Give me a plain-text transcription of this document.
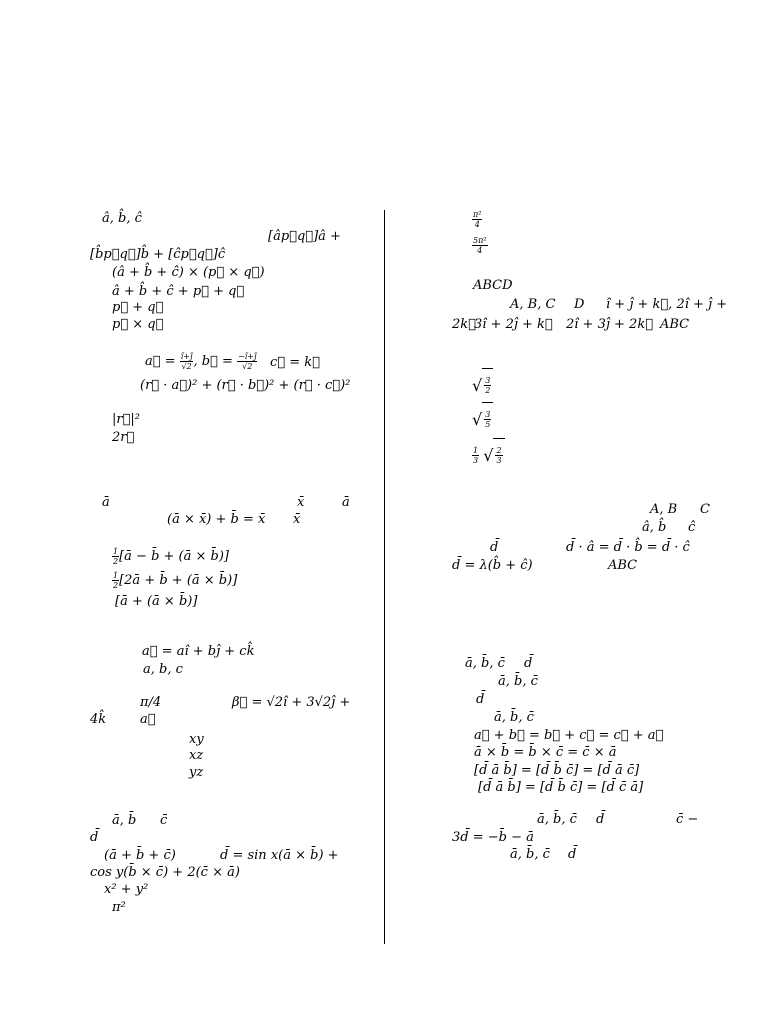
â, b̂, ĉ
[âp⃗q⃗]â +
[b̂p⃗q⃗]b̂ + [ĉp⃗q⃗]ĉ
(â + b̂ + ĉ) × (p⃗ × q⃗)
â + b̂ + ĉ + p⃗ + q⃗
p⃗ + q⃗
p⃗ × q⃗
a⃗ = $\frac{î+ĵ}{√2}$ , b⃗ = $\frac{-î+ĵ}{√2}$ c⃗ = k⃗
(r⃗ · a⃗)² + (r⃗ · b⃗)² + (r⃗ · c⃗)²
|r⃗|²
2r⃗
ā	x̄	ā
(ā × x̄) + b̄ = x̄ x̄
$\frac{1}{2}$ [ā − b̄ + (ā × b̄)]
$\frac{1}{2}$ [2ā + b̄ + (ā × b̄)]
[ā + (ā × b̄)]
a⃗ = aî + bĵ + ck̂
a, b, c
π/4	β⃗ = √2î + 3√2ĵ +
4k̂	a⃗
xy
xz
yz
ā, b̄ c̄
d̄
(ā + b̄ + c̄)	d̄ = sin x(ā × b̄) +
cos y(b̄ × c̄) + 2(c̄ × ā)
x² + y²
π²
$\frac{\text{π²}}{4}$
$\frac{\text{5π²}}{4}$
ABCD
A, B, C D î + ĵ + k⃗, 2î + ĵ +
2k⃗
3î + 2ĵ + k⃗ 2î + 3ĵ + 2k⃗ ABC
√ $\frac{3}{2}$
√ $\frac{3}{5}$
$\frac{1}{3}$ √ $\frac{2}{3}$
A, B C
â, b̂ ĉ
d̄	d̄ · â = d̄ · b̂ = d̄ · ĉ
d̄ = λ(b̂ + ĉ)	ABC
ā, b̄, c̄ d̄
ā, b̄, c̄
d̄
ā, b̄, c̄
a⃗ + b⃗ = b⃗ + c⃗ = c⃗ + a⃗
ā × b̄ = b̄ × c̄ = c̄ × ā
[d̄ ā b̄] = [d̄ b̄ c̄] = [d̄ ā c̄]
[d̄ ā b̄] = [d̄ b̄ c̄] = [d̄ c̄ ā]
ā, b̄, c̄ d̄	c̄ −
3d̄ = −b̄ − ā
ā, b̄, c̄ d̄
